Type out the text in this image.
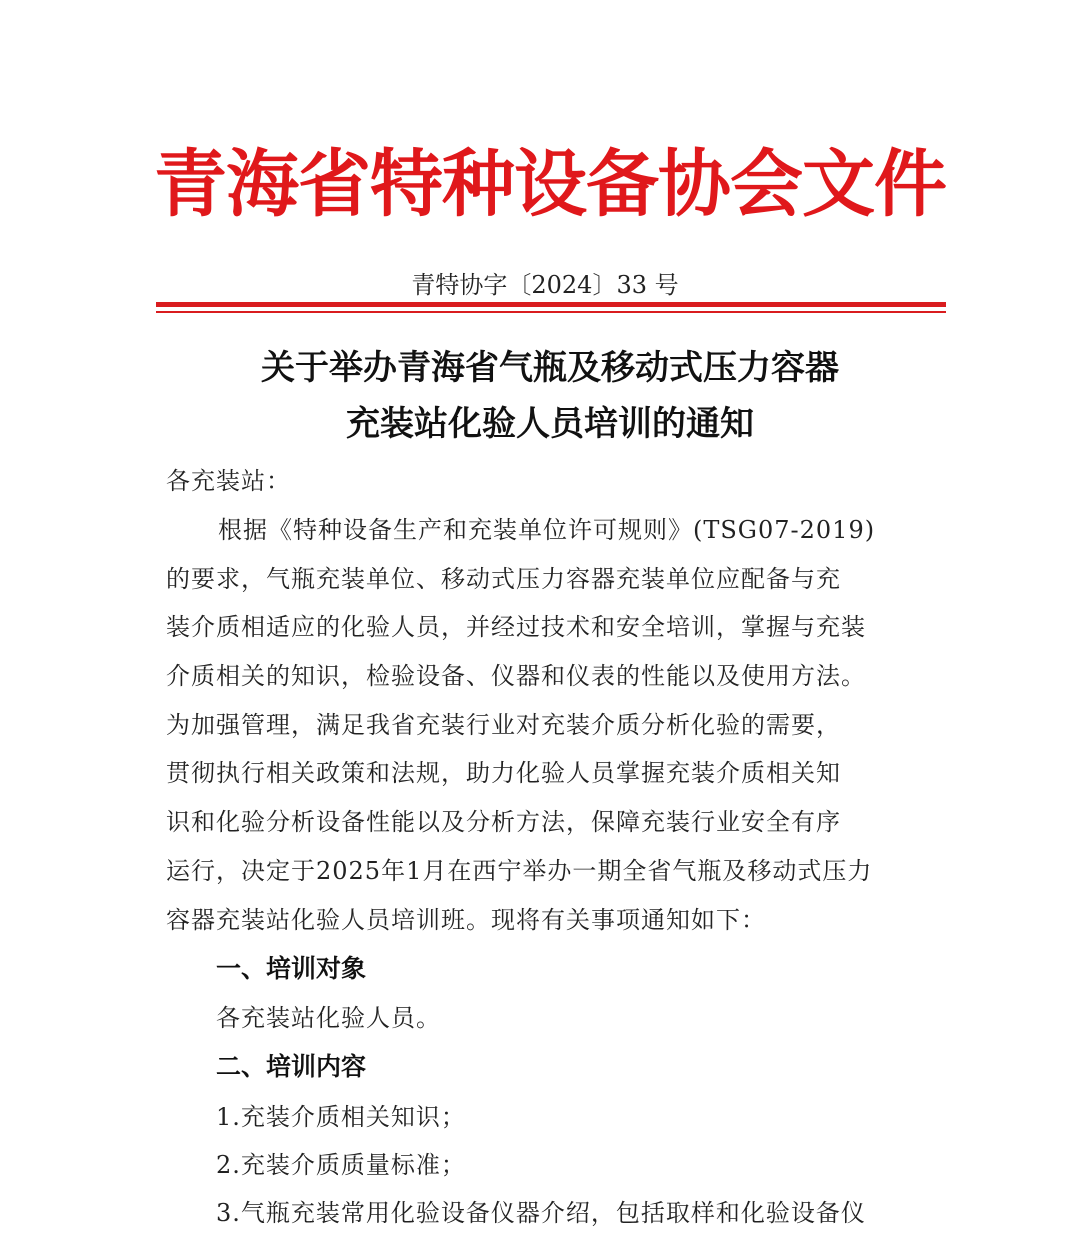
青海省特种设备协会文件
青特协字〔2024〕33 号
关于举办青海省气瓶及移动式压力容器
充装站化验人员培训的通知
各充装站：
根据《特种设备生产和充装单位许可规则》(TSG07-2019)
的要求，气瓶充装单位、移动式压力容器充装单位应配备与充
装介质相适应的化验人员，并经过技术和安全培训，掌握与充装
介质相关的知识，检验设备、仪器和仪表的性能以及使用方法。
为加强管理，满足我省充装行业对充装介质分析化验的需要，
贯彻执行相关政策和法规，助力化验人员掌握充装介质相关知
识和化验分析设备性能以及分析方法，保障充装行业安全有序
运行，决定于2025年1月在西宁举办一期全省气瓶及移动式压力
容器充装站化验人员培训班。现将有关事项通知如下：
一、培训对象
各充装站化验人员。
二、培训内容
1.充装介质相关知识；
2.充装介质质量标准；
3.气瓶充装常用化验设备仪器介绍，包括取样和化验设备仪
